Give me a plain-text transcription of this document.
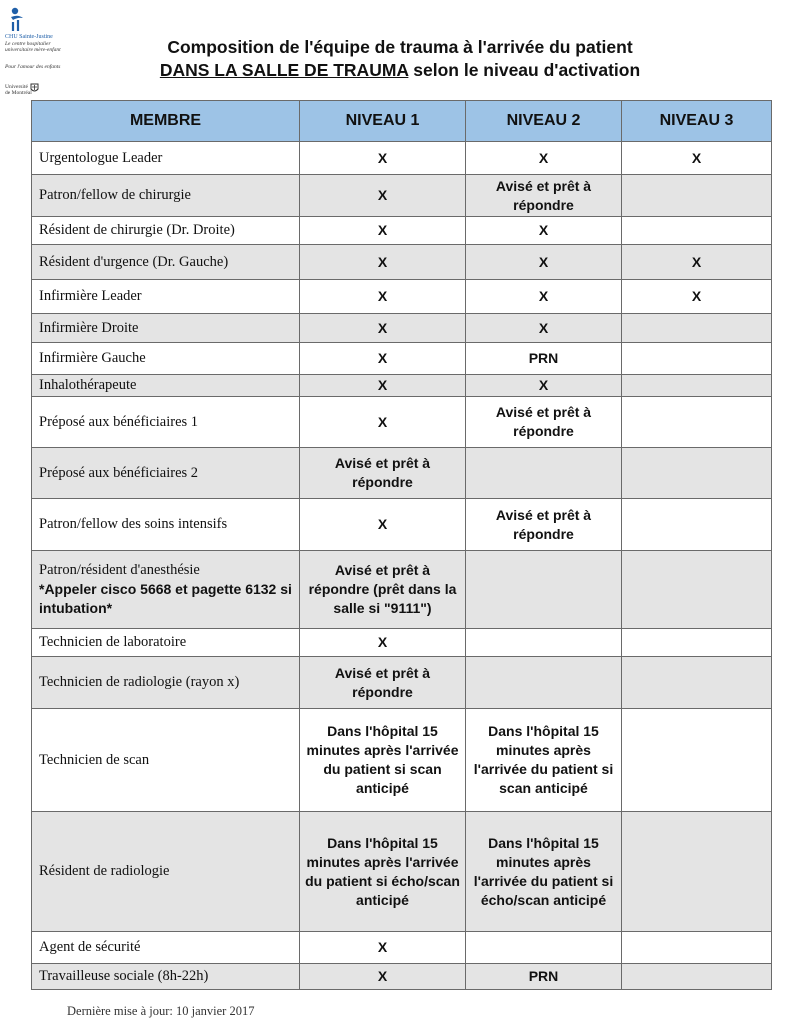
CHU Sainte-Justine
Le centre hospitalier
universitaire mère-enfant
Pour l'amour des enfants
Université
de Montréal
Composition de l'équipe de trauma à l'arrivée du patient
DANS LA SALLE DE TRAUMA selon le niveau d'activation
MEMBRE	NIVEAU 1	NIVEAU 2	NIVEAU 3
Urgentologue Leader	X	X	X
Patron/fellow de chirurgie	X	Avisé et prêt à répondre	
Résident de chirurgie (Dr. Droite)	X	X	
Résident d'urgence (Dr. Gauche)	X	X	X
Infirmière Leader	X	X	X
Infirmière Droite	X	X	
Infirmière Gauche	X	PRN	
Inhalothérapeute	X	X	
Préposé aux bénéficiaires 1	X	Avisé et prêt à répondre	
Préposé aux bénéficiaires 2	Avisé et prêt à répondre		
Patron/fellow des soins intensifs	X	Avisé et prêt à répondre	

Patron/résident d'anesthésie
*Appeler cisco 5668 et pagette 6132 si intubation*	Avisé et prêt à répondre (prêt dans la salle si "9111")		
Technicien de laboratoire	X		
Technicien de radiologie (rayon x)	Avisé et prêt à répondre		
Technicien de scan	Dans l'hôpital 15 minutes après l'arrivée du patient si scan anticipé	Dans l'hôpital 15 minutes après l'arrivée du patient si scan anticipé	
Résident de radiologie	Dans l'hôpital 15 minutes après l'arrivée du patient si écho/scan anticipé	Dans l'hôpital 15 minutes après l'arrivée du patient si écho/scan anticipé	
Agent de sécurité	X		
Travailleuse sociale (8h-22h)	X	PRN	
Dernière mise à jour: 10 janvier 2017
